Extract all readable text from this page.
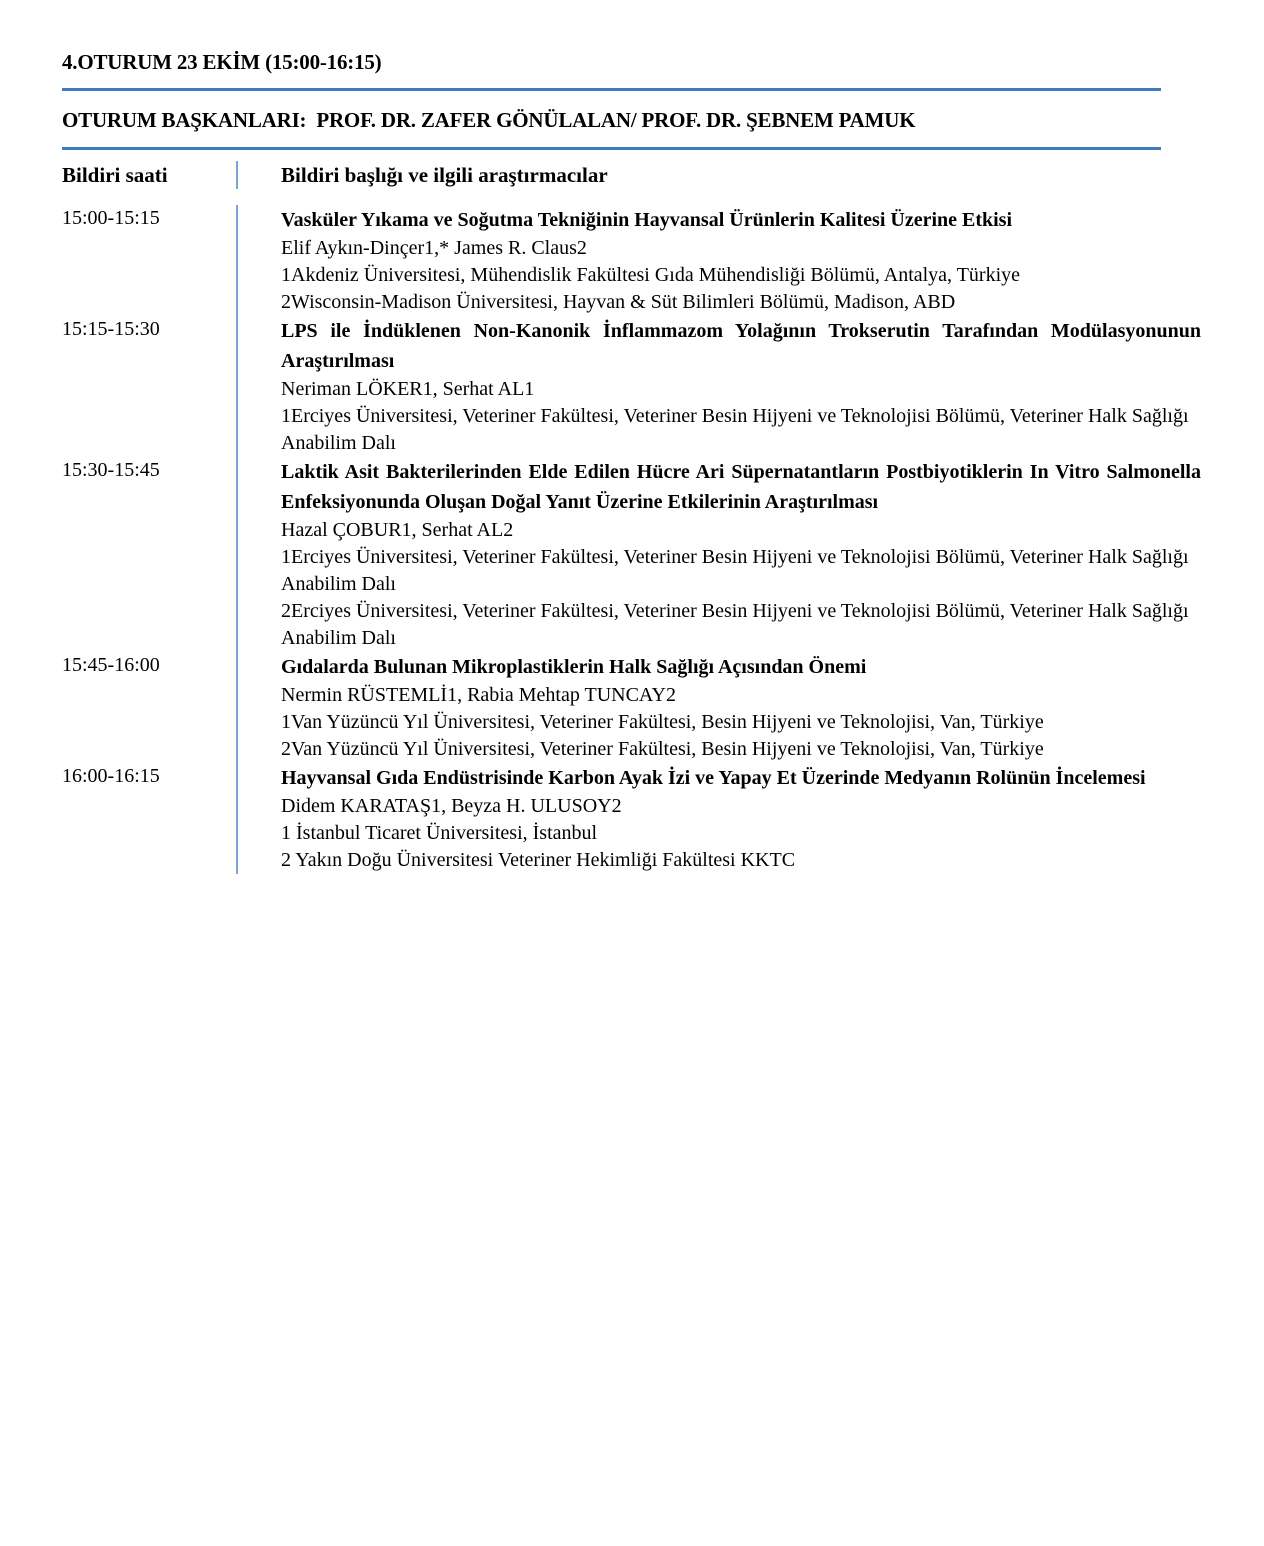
4.OTURUM 23 EKİM (15:00-16:15)
OTURUM BAŞKANLARI: PROF. DR. ZAFER GÖNÜLALAN/ PROF. DR. ŞEBNEM PAMUK
Bildiri saati	Bildiri başlığı ve ilgili araştırmacılar
15:00-15:15	Vasküler Yıkama ve Soğutma Tekniğinin Hayvansal Ürünlerin Kalitesi Üzerine Etkisi
Elif Aykın-Dinçer1,* James R. Claus2
1Akdeniz Üniversitesi, Mühendislik Fakültesi Gıda Mühendisliği Bölümü, Antalya, Türkiye
2Wisconsin-Madison Üniversitesi, Hayvan & Süt Bilimleri Bölümü, Madison, ABD
15:15-15:30	LPS ile İndüklenen Non-Kanonik İnflammazom Yolağının Trokserutin Tarafından Modülasyonunun Araştırılması
Neriman LÖKER1, Serhat AL1
1Erciyes Üniversitesi, Veteriner Fakültesi, Veteriner Besin Hijyeni ve Teknolojisi Bölümü, Veteriner Halk Sağlığı Anabilim Dalı
15:30-15:45	Laktik Asit Bakterilerinden Elde Edilen Hücre Ari Süpernatantların Postbiyotiklerin In Vitro Salmonella Enfeksiyonunda Oluşan Doğal Yanıt Üzerine Etkilerinin Araştırılması
Hazal ÇOBUR1, Serhat AL2
1Erciyes Üniversitesi, Veteriner Fakültesi, Veteriner Besin Hijyeni ve Teknolojisi Bölümü, Veteriner Halk Sağlığı Anabilim Dalı
2Erciyes Üniversitesi, Veteriner Fakültesi, Veteriner Besin Hijyeni ve Teknolojisi Bölümü, Veteriner Halk Sağlığı Anabilim Dalı
15:45-16:00	Gıdalarda Bulunan Mikroplastiklerin Halk Sağlığı Açısından Önemi
Nermin RÜSTEMLİ1, Rabia Mehtap TUNCAY2
1Van Yüzüncü Yıl Üniversitesi, Veteriner Fakültesi, Besin Hijyeni ve Teknolojisi, Van, Türkiye
2Van Yüzüncü Yıl Üniversitesi, Veteriner Fakültesi, Besin Hijyeni ve Teknolojisi, Van, Türkiye
16:00-16:15	Hayvansal Gıda Endüstrisinde Karbon Ayak İzi ve Yapay Et Üzerinde Medyanın Rolünün İncelemesi
Didem KARATAŞ1, Beyza H. ULUSOY2
1 İstanbul Ticaret Üniversitesi, İstanbul
2 Yakın Doğu Üniversitesi Veteriner Hekimliği Fakültesi KKTC
